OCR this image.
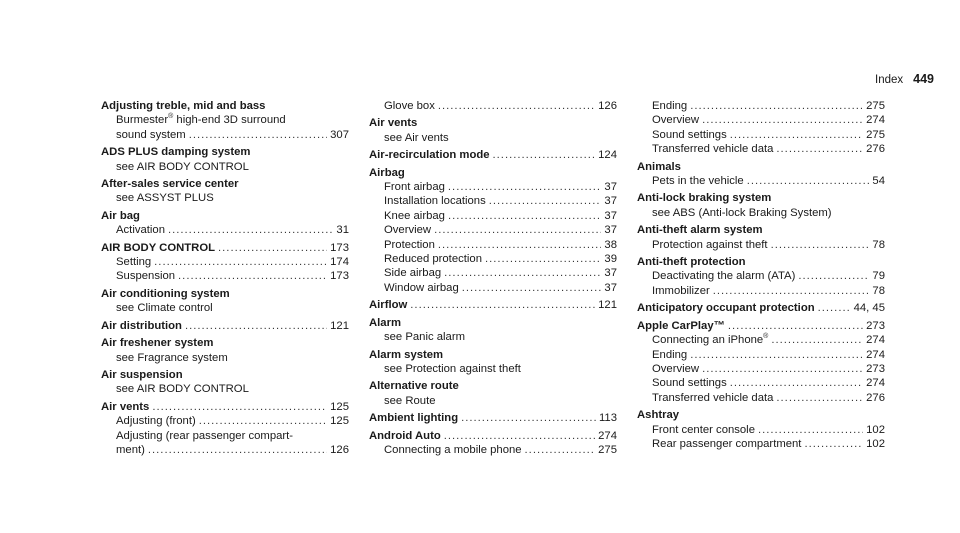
Index 449
Adjusting treble, mid and bass
Burmester® high-end 3D surround
sound system .....	307
ADS PLUS damping system
see AIR BODY CONTROL
After-sales service center
see ASSYST PLUS
Air bag
Activation .....	31
AIR BODY CONTROL .....	173
Setting .....	174
Suspension .....	173
Air conditioning system
see Climate control
Air distribution .....	121
Air freshener system
see Fragrance system
Air suspension
see AIR BODY CONTROL
Air vents .....	125
Adjusting (front) .....	125
Adjusting (rear passenger compart-
ment) .....	126
Glove box .....	126
Air vents
see Air vents
Air-recirculation mode .....	124
Airbag
Front airbag .....	37
Installation locations .....	37
Knee airbag .....	37
Overview .....	37
Protection .....	38
Reduced protection .....	39
Side airbag .....	37
Window airbag .....	37
Airflow .....	121
Alarm
see Panic alarm
Alarm system
see Protection against theft
Alternative route
see Route
Ambient lighting .....	113
Android Auto .....	274
Connecting a mobile phone .....	275
Ending .....	275
Overview .....	274
Sound settings .....	275
Transferred vehicle data .....	276
Animals
Pets in the vehicle .....	54
Anti-lock braking system
see ABS (Anti-lock Braking System)
Anti-theft alarm system
Protection against theft .....	78
Anti-theft protection
Deactivating the alarm (ATA) .....	79
Immobilizer .....	78
Anticipatory occupant protection .....	44, 45
Apple CarPlay™ .....	273
Connecting an iPhone® .....	274
Ending .....	274
Overview .....	273
Sound settings .....	274
Transferred vehicle data .....	276
Ashtray
Front center console .....	102
Rear passenger compartment .....	102
